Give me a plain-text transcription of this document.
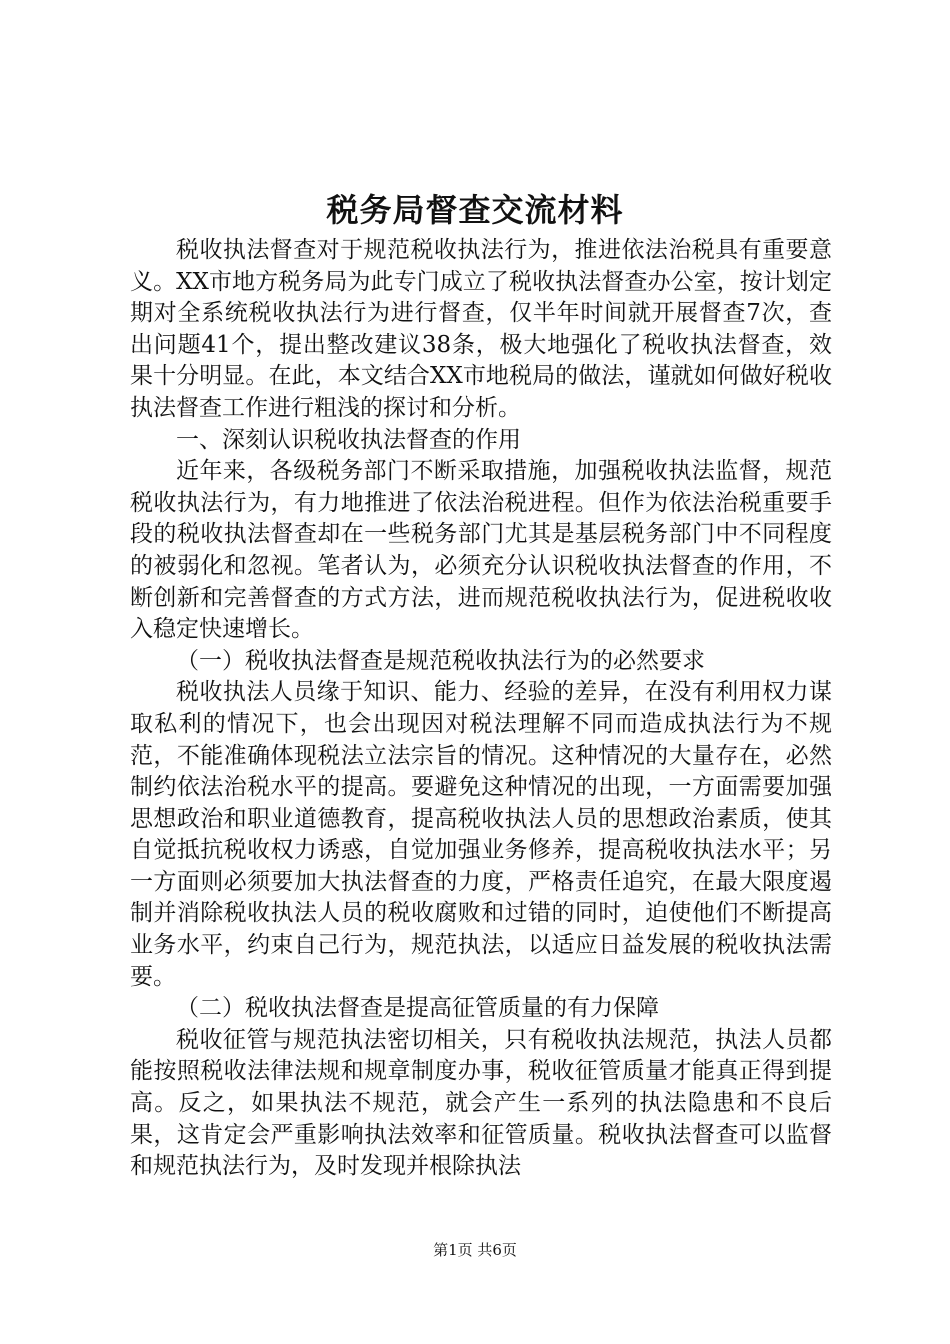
税务局督查交流材料

税收执法督查对于规范税收执法行为，推进依法治税具有重要意义。XX市地方税务局为此专门成立了税收执法督查办公室，按计划定期对全系统税收执法行为进行督查，仅半年时间就开展督查7次，查出问题41个，提出整改建议38条，极大地强化了税收执法督查，效果十分明显。在此，本文结合XX市地税局的做法，谨就如何做好税收执法督查工作进行粗浅的探讨和分析。

一、深刻认识税收执法督查的作用

近年来，各级税务部门不断采取措施，加强税收执法监督，规范税收执法行为，有力地推进了依法治税进程。但作为依法治税重要手段的税收执法督查却在一些税务部门尤其是基层税务部门中不同程度的被弱化和忽视。笔者认为，必须充分认识税收执法督查的作用，不断创新和完善督查的方式方法，进而规范税收执法行为，促进税收收入稳定快速增长。

（一）税收执法督查是规范税收执法行为的必然要求

税收执法人员缘于知识、能力、经验的差异，在没有利用权力谋取私利的情况下，也会出现因对税法理解不同而造成执法行为不规范，不能准确体现税法立法宗旨的情况。这种情况的大量存在，必然制约依法治税水平的提高。要避免这种情况的出现，一方面需要加强思想政治和职业道德教育，提高税收执法人员的思想政治素质，使其自觉抵抗税收权力诱惑，自觉加强业务修养，提高税收执法水平；另一方面则必须要加大执法督查的力度，严格责任追究，在最大限度遏制并消除税收执法人员的税收腐败和过错的同时，迫使他们不断提高业务水平，约束自己行为，规范执法，以适应日益发展的税收执法需要。

（二）税收执法督查是提高征管质量的有力保障

税收征管与规范执法密切相关，只有税收执法规范，执法人员都能按照税收法律法规和规章制度办事，税收征管质量才能真正得到提高。反之，如果执法不规范，就会产生一系列的执法隐患和不良后果，这肯定会严重影响执法效率和征管质量。税收执法督查可以监督和规范执法行为，及时发现并根除执法

第1页 共6页
